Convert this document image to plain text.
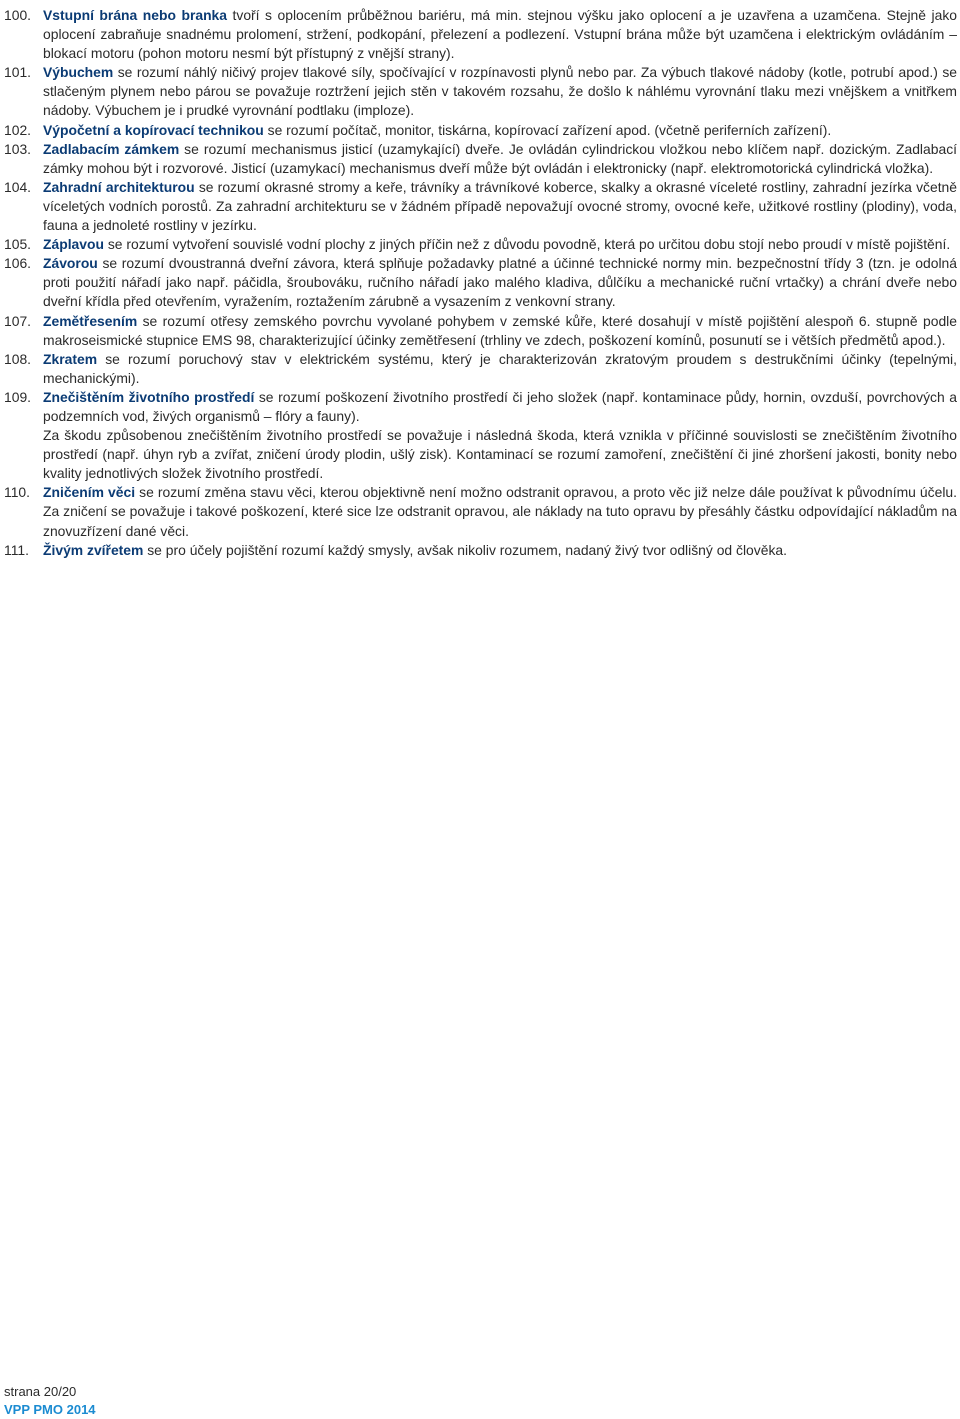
100. Vstupní brána nebo branka tvoří s oplocením průběžnou bariéru, má min. stejnou výšku jako oplocení a je uzavřena a uzamčena. Stejně jako oplocení zabraňuje snadnému prolomení, stržení, podkopání, přelezení a podlezení. Vstupní brána může být uzamčena i elektrickým ovládáním – blokací motoru (pohon motoru nesmí být přístupný z vnější strany).
101. Výbuchem se rozumí náhlý ničivý projev tlakové síly, spočívající v rozpínavosti plynů nebo par. Za výbuch tlakové nádoby (kotle, potrubí apod.) se stlačeným plynem nebo párou se považuje roztržení jejich stěn v takovém rozsahu, že došlo k náhlému vyrovnání tlaku mezi vnějškem a vnitřkem nádoby. Výbuchem je i prudké vyrovnání podtlaku (imploze).
102. Výpočetní a kopírovací technikou se rozumí počítač, monitor, tiskárna, kopírovací zařízení apod. (včetně periferních zařízení).
103. Zadlabacím zámkem se rozumí mechanismus jisticí (uzamykající) dveře. Je ovládán cylindrickou vložkou nebo klíčem např. dozickým. Zadlabací zámky mohou být i rozvorové. Jisticí (uzamykací) mechanismus dveří může být ovládán i elektronicky (např. elektromotorická cylindrická vložka).
104. Zahradní architekturou se rozumí okrasné stromy a keře, trávníky a trávníkové koberce, skalky a okrasné víceleté rostliny, zahradní jezírka včetně víceletých vodních porostů. Za zahradní architekturu se v žádném případě nepovažují ovocné stromy, ovocné keře, užitkové rostliny (plodiny), voda, fauna a jednoleté rostliny v jezírku.
105. Záplavou se rozumí vytvoření souvislé vodní plochy z jiných příčin než z důvodu povodně, která po určitou dobu stojí nebo proudí v místě pojištění.
106. Závorou se rozumí dvoustranná dveřní závora, která splňuje požadavky platné a účinné technické normy min. bezpečnostní třídy 3 (tzn. je odolná proti použití nářadí jako např. páčidla, šroubováku, ručního nářadí jako malého kladiva, důlčíku a mechanické ruční vrtačky) a chrání dveře nebo dveřní křídla před otevřením, vyražením, roztažením zárubně a vysazením z venkovní strany.
107. Zemětřesením se rozumí otřesy zemského povrchu vyvolané pohybem v zemské kůře, které dosahují v místě pojištění alespoň 6. stupně podle makroseismické stupnice EMS 98, charakterizující účinky zemětřesení (trhliny ve zdech, poškození komínů, posunutí se i větších předmětů apod.).
108. Zkratem se rozumí poruchový stav v elektrickém systému, který je charakterizován zkratovým proudem s destrukčními účinky (tepelnými, mechanickými).
109. Znečištěním životního prostředí se rozumí poškození životního prostředí či jeho složek (např. kontaminace půdy, hornin, ovzduší, povrchových a podzemních vod, živých organismů – flóry a fauny).
Za škodu způsobenou znečištěním životního prostředí se považuje i následná škoda, která vznikla v příčinné souvislosti se znečištěním životního prostředí (např. úhyn ryb a zvířat, zničení úrody plodin, ušlý zisk). Kontaminací se rozumí zamoření, znečištění či jiné zhoršení jakosti, bonity nebo kvality jednotlivých složek životního prostředí.
110. Zničením věci se rozumí změna stavu věci, kterou objektivně není možno odstranit opravou, a proto věc již nelze dále používat k původnímu účelu. Za zničení se považuje i takové poškození, které sice lze odstranit opravou, ale náklady na tuto opravu by přesáhly částku odpovídající nákladům na znovuzřízení dané věci.
111. Živým zvířetem se pro účely pojištění rozumí každý smysly, avšak nikoliv rozumem, nadaný živý tvor odlišný od člověka.
strana 20/20
VPP PMO 2014
